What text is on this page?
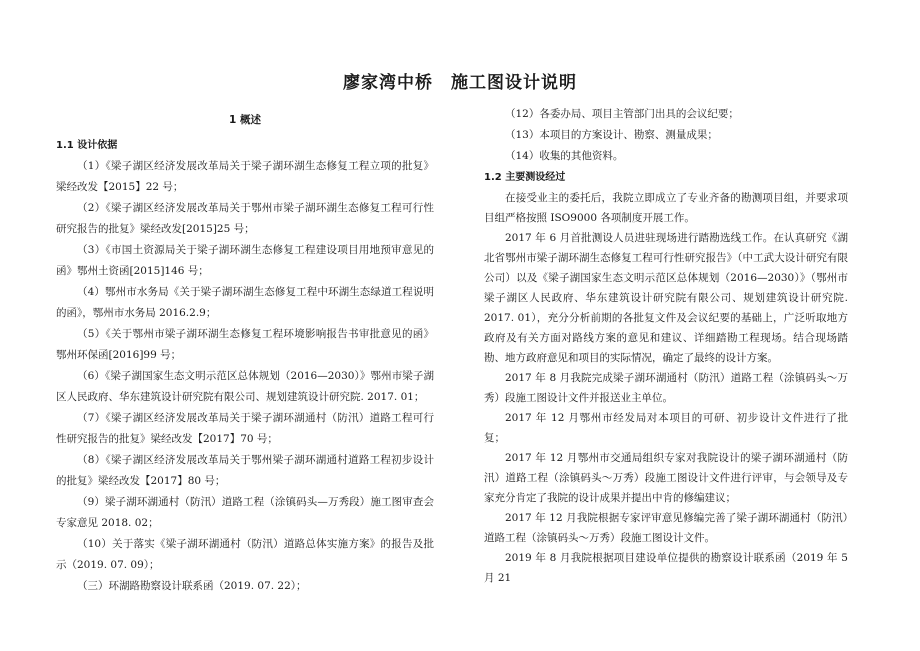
廖家湾中桥 施工图设计说明
1 概述
1.1 设计依据
（1）《梁子湖区经济发展改革局关于梁子湖环湖生态修复工程立项的批复》梁经改发【2015】22 号；
（2）《梁子湖区经济发展改革局关于鄂州市梁子湖环湖生态修复工程可行性研究报告的批复》梁经改发[2015]25 号；
（3）《市国土资源局关于梁子湖环湖生态修复工程建设项目用地预审意见的函》鄂州土资函[2015]146 号；
（4）鄂州市水务局《关于梁子湖环湖生态修复工程中环湖生态绿道工程说明的函》，鄂州市水务局 2016.2.9；
（5）《关于鄂州市梁子湖环湖生态修复工程环境影响报告书审批意见的函》鄂州环保函[2016]99 号；
（6）《梁子湖国家生态文明示范区总体规划（2016—2030）》鄂州市梁子湖区人民政府、华东建筑设计研究院有限公司、规划建筑设计研究院. 2017. 01；
（7）《梁子湖区经济发展改革局关于梁子湖环湖通村（防汛）道路工程可行性研究报告的批复》梁经改发【2017】70 号；
（8）《梁子湖区经济发展改革局关于鄂州梁子湖环湖通村道路工程初步设计的批复》梁经改发【2017】80 号；
（9）梁子湖环湖通村（防汛）道路工程（涂镇码头—万秀段）施工图审查会专家意见 2018. 02；
（10）关于落实《梁子湖环湖通村（防汛）道路总体实施方案》的报告及批示（2019. 07. 09）；
（三）环湖路勘察设计联系函（2019. 07. 22）；
（12）各委办局、项目主管部门出具的会议纪要；
（13）本项目的方案设计、勘察、测量成果；
（14）收集的其他资料。
1.2 主要测设经过
在接受业主的委托后，我院立即成立了专业齐备的勘测项目组，并要求项目组严格按照 ISO9000 各项制度开展工作。
2017 年 6 月首批测设人员进驻现场进行踏勘选线工作。在认真研究《湖北省鄂州市梁子湖环湖生态修复工程可行性研究报告》（中工武大设计研究有限公司）以及《梁子湖国家生态文明示范区总体规划（2016—2030）》（鄂州市梁子湖区人民政府、华东建筑设计研究院有限公司、规划建筑设计研究院. 2017. 01），充分分析前期的各批复文件及会议纪要的基础上，广泛听取地方政府及有关方面对路线方案的意见和建议、详细踏勘工程现场。结合现场踏勘、地方政府意见和项目的实际情况，确定了最终的设计方案。
2017 年 8 月我院完成梁子湖环湖通村（防汛）道路工程（涂镇码头～万秀）段施工图设计文件并报送业主单位。
2017 年 12 月鄂州市经发局对本项目的可研、初步设计文件进行了批复；
2017 年 12 月鄂州市交通局组织专家对我院设计的梁子湖环湖通村（防汛）道路工程（涂镇码头～万秀）段施工图设计文件进行评审，与会领导及专家充分肯定了我院的设计成果并提出中肯的修编建议；
2017 年 12 月我院根据专家评审意见修编完善了梁子湖环湖通村（防汛）道路工程（涂镇码头～万秀）段施工图设计文件。
2019 年 8 月我院根据项目建设单位提供的勘察设计联系函（2019 年 5 月 21
